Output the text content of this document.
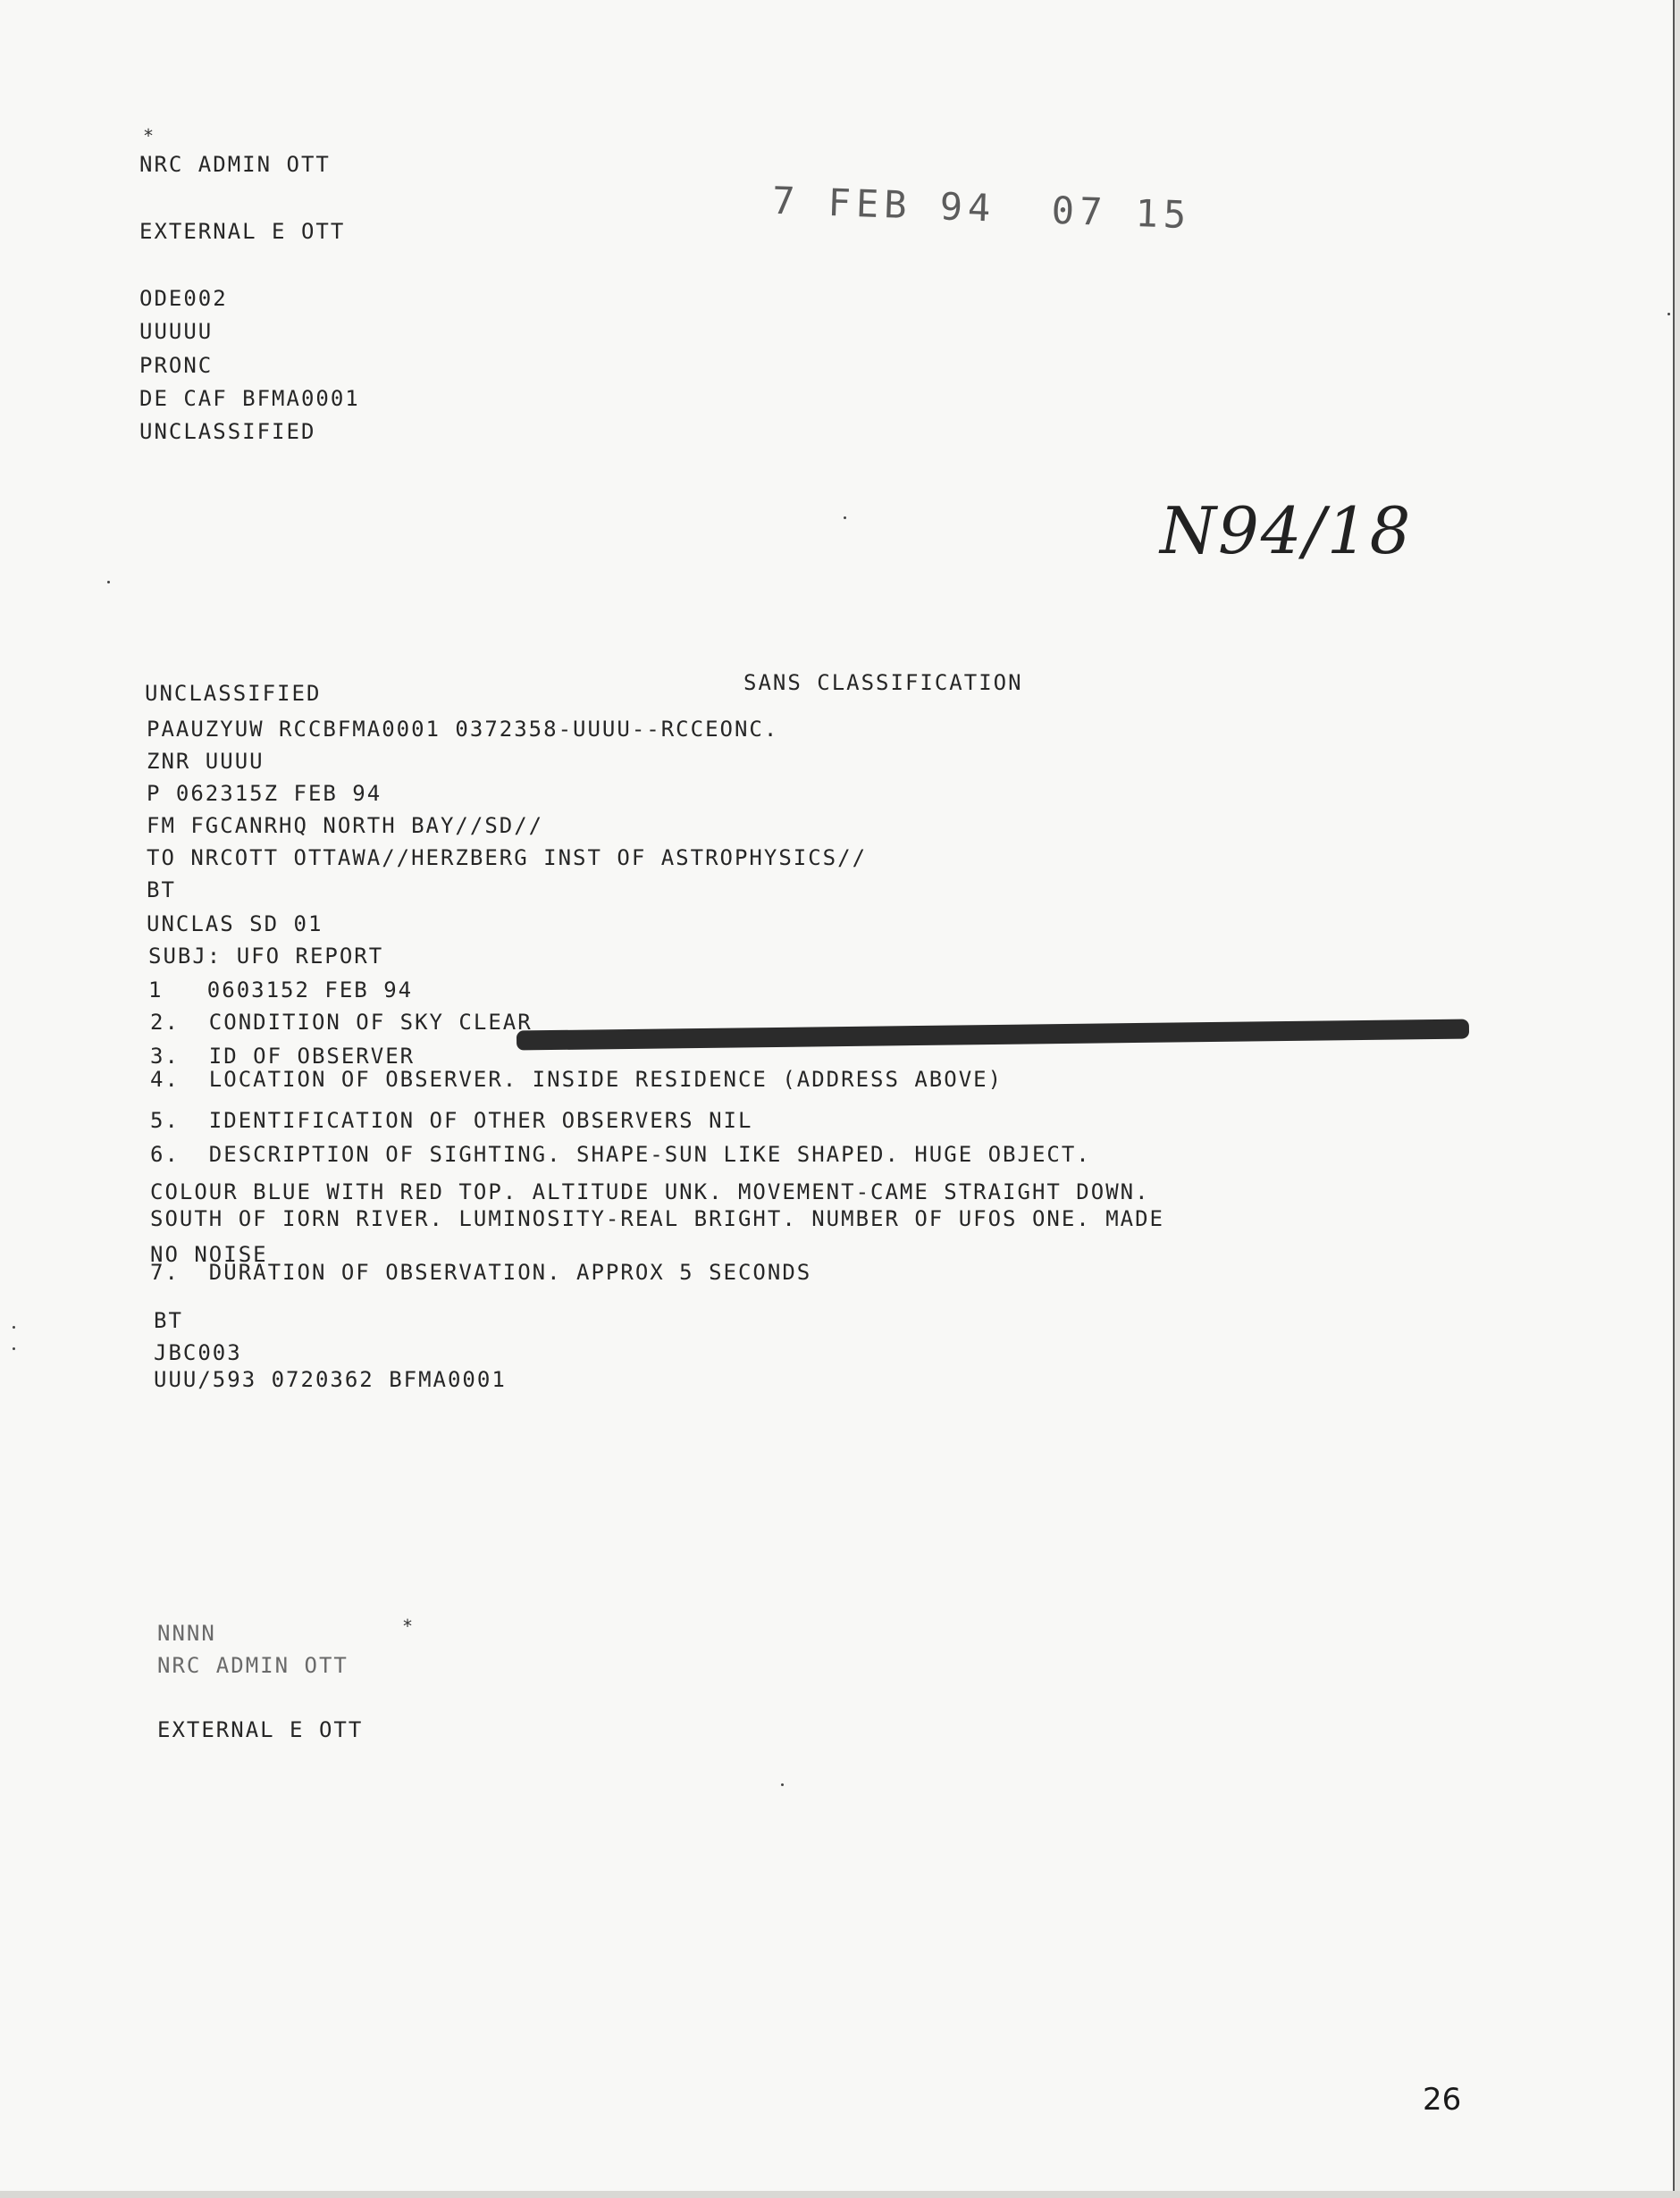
*
NRC ADMIN OTT
EXTERNAL E OTT
ODE002
UUUUU
PRONC
DE CAF BFMA0001
UNCLASSIFIED
7 FEB 94  07 15
N94/18
UNCLASSIFIED	SANS CLASSIFICATION
PAAUZYUW RCCBFMA0001 0372358-UUUU--RCCEONC.
ZNR UUUU
P 062315Z FEB 94
FM FGCANRHQ NORTH BAY//SD//
TO NRCOTT OTTAWA//HERZBERG INST OF ASTROPHYSICS//
BT
UNCLAS SD 01
SUBJ: UFO REPORT
1   0603152 FEB 94
2.  CONDITION OF SKY CLEAR
3.  ID OF OBSERVER
4.  LOCATION OF OBSERVER. INSIDE RESIDENCE (ADDRESS ABOVE)
5.  IDENTIFICATION OF OTHER OBSERVERS NIL
6.  DESCRIPTION OF SIGHTING. SHAPE-SUN LIKE SHAPED. HUGE OBJECT.
COLOUR BLUE WITH RED TOP. ALTITUDE UNK. MOVEMENT-CAME STRAIGHT DOWN.
SOUTH OF IORN RIVER. LUMINOSITY-REAL BRIGHT. NUMBER OF UFOS ONE. MADE
NO NOISE
7.  DURATION OF OBSERVATION. APPROX 5 SECONDS
BT
JBC003
UUU/593 0720362 BFMA0001
NNNN	*
NRC ADMIN OTT
EXTERNAL E OTT
26
